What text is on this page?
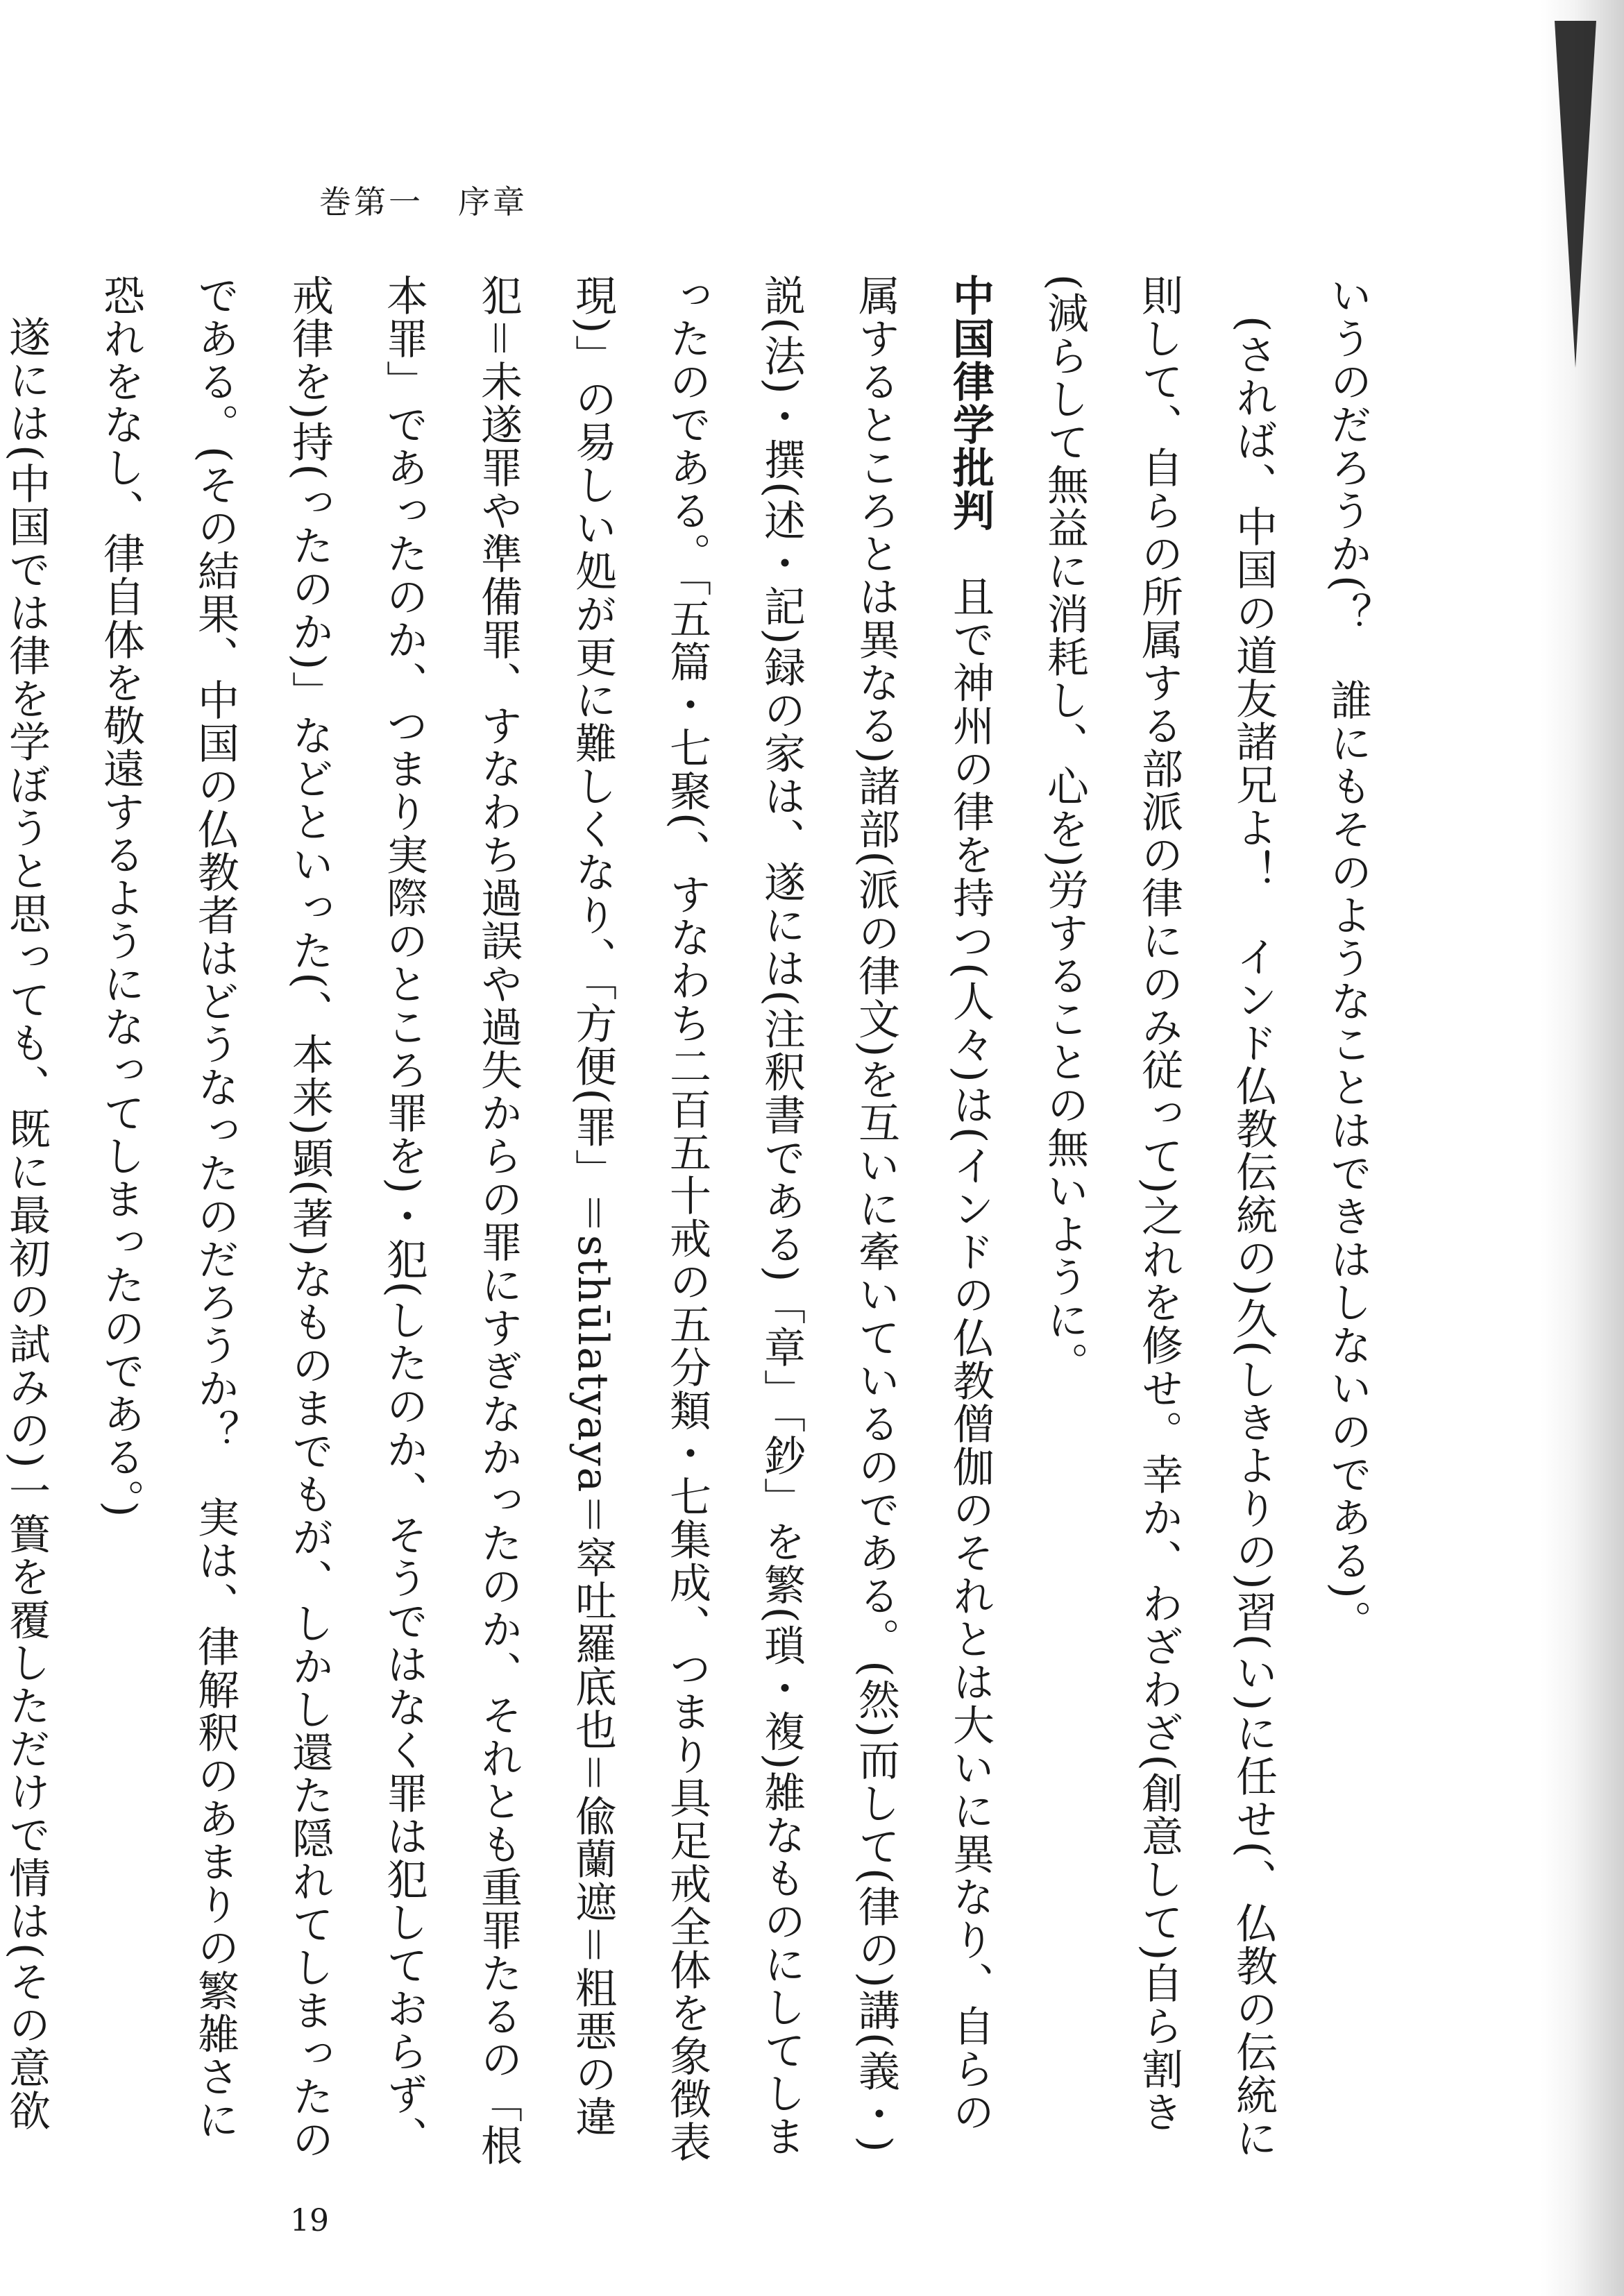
巻第一　序章

いうのだろうか(？　誰にもそのようなことはできはしないのである)。

(されば、中国の道友諸兄よ！　インド仏教伝統の)久(しきよりの)習(い)に任せ(、仏教の伝統に則して、自らの所属する部派の律にのみ従って)之れを修せ。幸か、わざわざ(創意して)自ら割き(減らして無益に消耗し、心を)労することの無いように。

中国律学批判　且で神州の律を持つ(人々)は(インドの仏教僧伽のそれとは大いに異なり、自らの属するところとは異なる)諸部(派の律文)を互いに牽いているのである。(然)而して(律の)講(義・)説(法)・撰(述・記)録の家は、遂には(注釈書である)「章」「鈔」を繁(瑣・複)雑なものにしてしまったのである。「五篇・七聚(、すなわち二百五十戒の五分類・七集成、つまり具足戒全体を象徴表現)」の易しい処が更に難しくなり、「方便(罪」＝sthūlatyaya＝窣吐羅底也＝偸蘭遮＝粗悪の違犯＝未遂罪や準備罪、すなわち過誤や過失からの罪にすぎなかったのか、それとも重罪たるの「根本罪」であったのか、つまり実際のところ罪を)・犯(したのか、そうではなく罪は犯しておらず、戒律を)持(ったのか)」などといった(、本来)顕(著)なものまでもが、しかし還た隠れてしまったのである。(その結果、中国の仏教者はどうなったのだろうか？　実は、律解釈のあまりの繁雑さに恐れをなし、律自体を敬遠するようになってしまったのである。)

遂には(中国では律を学ぼうと思っても、既に最初の試みの)一簣を覆しただけで情は(その意欲

19
